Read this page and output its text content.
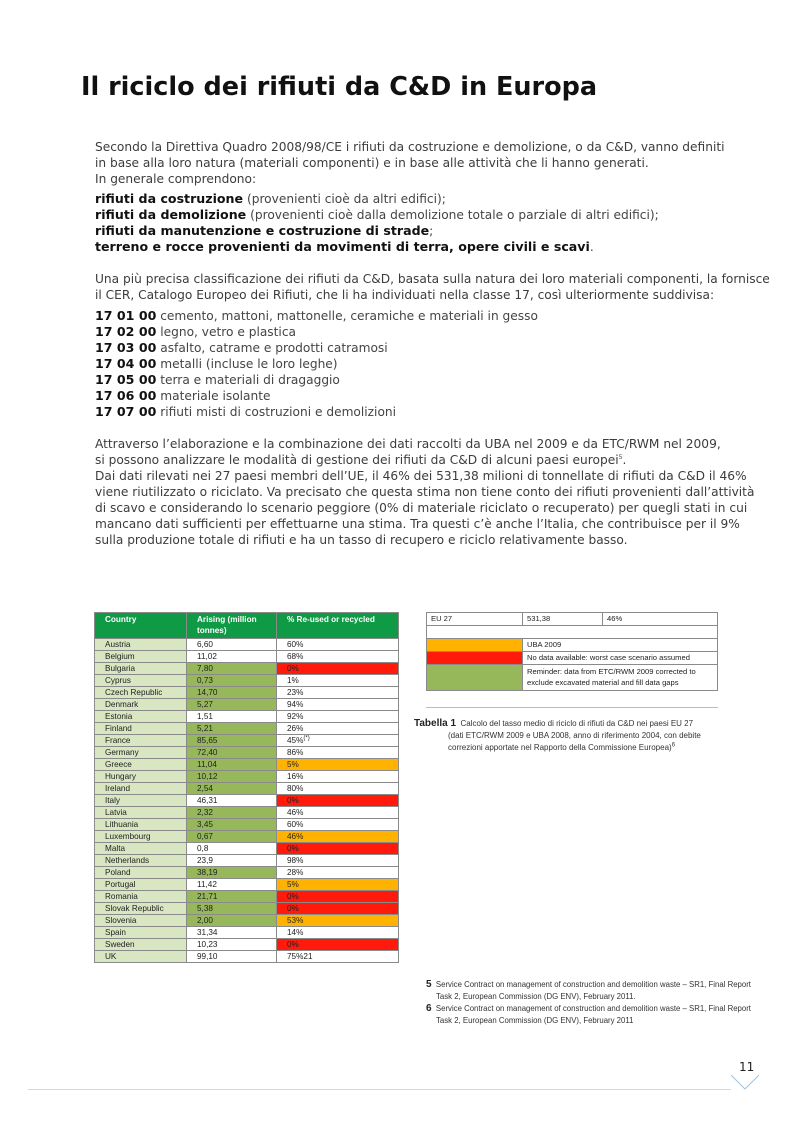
Il riciclo dei rifiuti da C&D in Europa

Secondo la Direttiva Quadro 2008/98/CE i rifiuti da costruzione e demolizione, o da C&D, vanno definiti
in base alla loro natura (materiali componenti) e in base alle attività che li hanno generati.
In generale comprendono:

rifiuti da costruzione (provenienti cioè da altri edifici);
rifiuti da demolizione (provenienti cioè dalla demolizione totale o parziale di altri edifici);
rifiuti da manutenzione e costruzione di strade;
terreno e rocce provenienti da movimenti di terra, opere civili e scavi.

Una più precisa classificazione dei rifiuti da C&D, basata sulla natura dei loro materiali componenti, la fornisce
il CER, Catalogo Europeo dei Rifiuti, che li ha individuati nella classe 17, così ulteriormente suddivisa:

17 01 00 cemento, mattoni, mattonelle, ceramiche e materiali in gesso
17 02 00 legno, vetro e plastica
17 03 00 asfalto, catrame e prodotti catramosi
17 04 00 metalli (incluse le loro leghe)
17 05 00 terra e materiali di dragaggio
17 06 00 materiale isolante
17 07 00 rifiuti misti di costruzioni e demolizioni

Attraverso l’elaborazione e la combinazione dei dati raccolti da UBA nel 2009 e da ETC/RWM nel 2009,
si possono analizzare le modalità di gestione dei rifiuti da C&D di alcuni paesi europei$^5$.
Dai dati rilevati nei 27 paesi membri dell’UE, il 46% dei 531,38 milioni di tonnellate di rifiuti da C&D il 46%
viene riutilizzato o riciclato. Va precisato che questa stima non tiene conto dei rifiuti provenienti dall’attività
di scavo e considerando lo scenario peggiore (0% di materiale riciclato o recuperato) per quegli stati in cui
mancano dati sufficienti per effettuarne una stima. Tra questi c’è anche l’Italia, che contribuisce per il 9%
sulla produzione totale di rifiuti e ha un tasso di recupero e riciclo relativamente basso.

Country	Arising (million tonnes)	% Re-used or recycled
Austria	6,60	60%
Belgium	11,02	68%
Bulgaria	7,80	0%
Cyprus	0,73	1%
Czech Republic	14,70	23%
Denmark	5,27	94%
Estonia	1,51	92%
Finland	5,21	26%
France	85,65	45%(*)
Germany	72,40	86%
Greece	11,04	5%
Hungary	10,12	16%
Ireland	2,54	80%
Italy	46,31	0%
Latvia	2,32	46%
Lithuania	3,45	60%
Luxembourg	0,67	46%
Malta	0,8	0%
Netherlands	23,9	98%
Poland	38,19	28%
Portugal	11,42	5%
Romania	21,71	0%
Slovak Republic	5,38	0%
Slovenia	2,00	53%
Spain	31,34	14%
Sweden	10,23	0%
UK	99,10	75%21
EU 27	531,38	46%

	UBA 2009	
	No data available: worst case scenario assumed	
	Reminder: data from ETC/RWM 2009 corrected to exclude excavated material and fill data gaps	

Tabella 1 Calcolo del tasso medio di riciclo di rifiuti da C&D nei paesi EU 27
(dati ETC/RWM 2009 e UBA 2008, anno di riferimento 2004, con debite
correzioni apportate nel Rapporto della Commissione Europea)$^6$

5 Service Contract on management of construction and demolition waste – SR1, Final Report
Task 2, European Commission (DG ENV), February 2011.
6 Service Contract on management of construction and demolition waste – SR1, Final Report
Task 2, European Commission (DG ENV), February 2011

11
